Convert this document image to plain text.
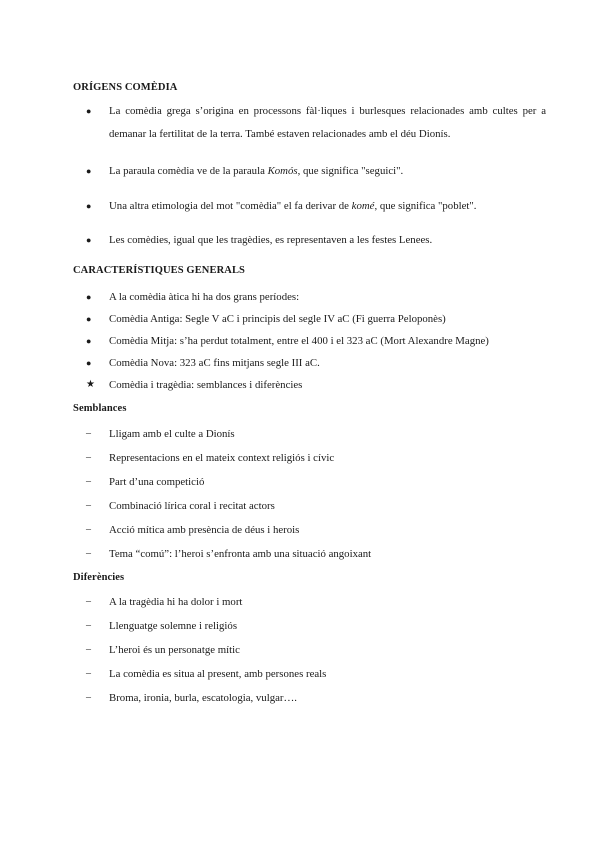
ORÍGENS COMÈDIA
●	La comèdia grega s’origina en processons fàl·liques i burlesques relacionades amb cultes per a demanar la fertilitat de la terra. També estaven relacionades amb el déu Dionís.
●	La paraula comèdia ve de la paraula Komós, que significa "seguici".
●	Una altra etimologia del mot "comèdia" el fa derivar de komé, que significa "poblet".
●	Les comèdies, igual que les tragèdies, es representaven a les festes Lenees.
CARACTERÍSTIQUES GENERALS
●	A la comèdia àtica hi ha dos grans períodes:
●	Comèdia Antiga: Segle V aC i principis del segle IV aC (Fi guerra Peloponès)
●	Comèdia Mitja: s’ha perdut totalment, entre el 400 i el 323 aC (Mort Alexandre Magne)
●	Comèdia Nova: 323 aC fins mitjans segle III aC.
★	Comèdia i tragèdia: semblances i diferències
Semblances
–	Lligam amb el culte a Dionís
–	Representacions en el mateix context religiós i cívic
–	Part d’una competició
–	Combinació lírica coral i recitat actors
–	Acció mítica amb presència de déus i herois
–	Tema “comú”: l’heroi s’enfronta amb una situació angoixant
Diferències
–	A la tragèdia hi ha dolor i mort
–	Llenguatge solemne i religiós
–	L’heroi és un personatge mític
–	La comèdia es situa al present, amb persones reals
–	Broma, ironia, burla, escatologia, vulgar….
